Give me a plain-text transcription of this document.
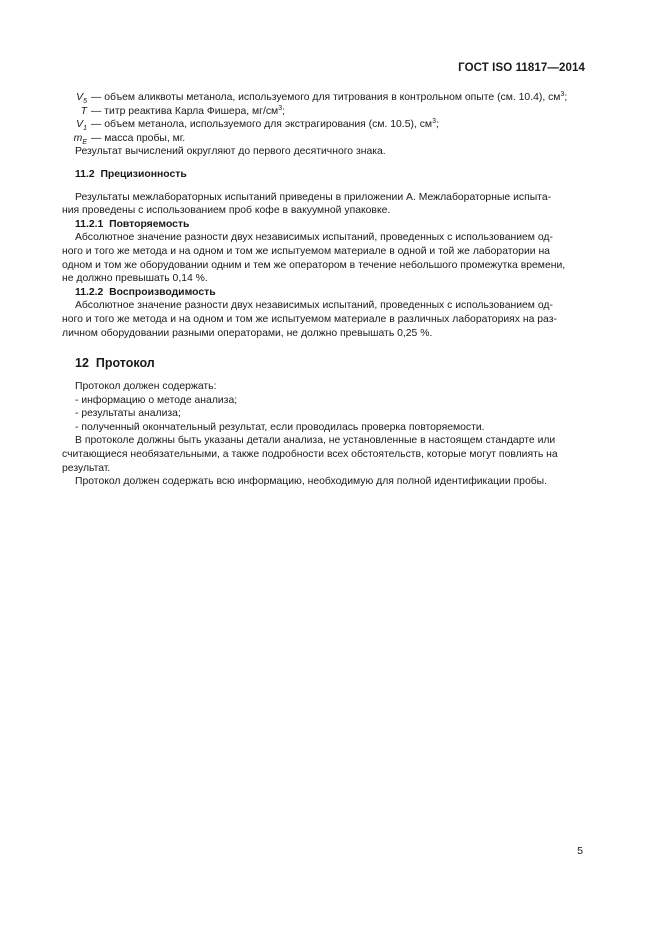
ГОСТ ISO 11817—2014
$V_5$ — объем аликвоты метанола, используемого для титрования в контрольном опыте (см. 10.4), $см^3$;
T — титр реактива Карла Фишера, $мг/см^3$;
$V_1$ — объем метанола, используемого для экстрагирования (см. 10.5), $см^3$;
$m_E$ — масса пробы, мг.
Результат вычислений округляют до первого десятичного знака.
11.2 Прецизионность
Результаты межлабораторных испытаний приведены в приложении А. Межлабораторные испыта-
ния проведены с использованием проб кофе в вакуумной упаковке.
11.2.1 Повторяемость
Абсолютное значение разности двух независимых испытаний, проведенных с использованием од-
ного и того же метода и на одном и том же испытуемом материале в одной и той же лаборатории на
одном и том же оборудовании одним и тем же оператором в течение небольшого промежутка времени,
не должно превышать 0,14 %.
11.2.2 Воспроизводимость
Абсолютное значение разности двух независимых испытаний, проведенных с использованием од-
ного и того же метода и на одном и том же испытуемом материале в различных лабораториях на раз-
личном оборудовании разными операторами, не должно превышать 0,25 %.
12 Протокол
Протокол должен содержать:
- информацию о методе анализа;
- результаты анализа;
- полученный окончательный результат, если проводилась проверка повторяемости.
В протоколе должны быть указаны детали анализа, не установленные в настоящем стандарте или
считающиеся необязательными, а также подробности всех обстоятельств, которые могут повлиять на
результат.
Протокол должен содержать всю информацию, необходимую для полной идентификации пробы.
5
